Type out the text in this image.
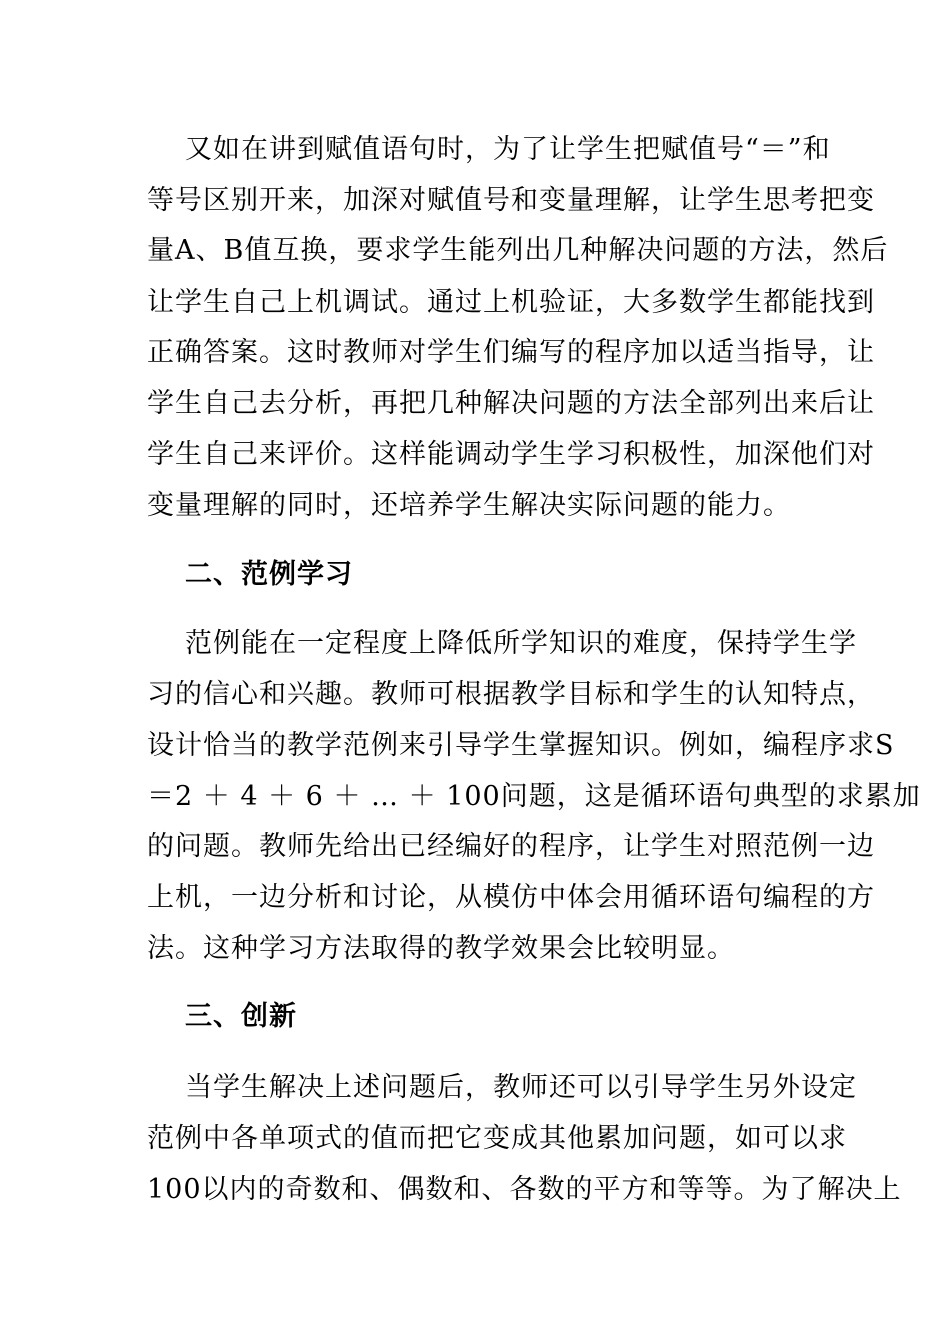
又如在讲到赋值语句时，为了让学生把赋值号“＝”和
等号区别开来，加深对赋值号和变量理解，让学生思考把变
量A、B值互换，要求学生能列出几种解决问题的方法，然后
让学生自己上机调试。通过上机验证，大多数学生都能找到
正确答案。这时教师对学生们编写的程序加以适当指导，让
学生自己去分析，再把几种解决问题的方法全部列出来后让
学生自己来评价。这样能调动学生学习积极性，加深他们对
变量理解的同时，还培养学生解决实际问题的能力。
二、范例学习
范例能在一定程度上降低所学知识的难度，保持学生学
习的信心和兴趣。教师可根据教学目标和学生的认知特点，
设计恰当的教学范例来引导学生掌握知识。例如，编程序求S
＝2 ＋ 4 ＋ 6 ＋ … ＋ 100问题，这是循环语句典型的求累加
的问题。教师先给出已经编好的程序，让学生对照范例一边
上机，一边分析和讨论，从模仿中体会用循环语句编程的方
法。这种学习方法取得的教学效果会比较明显。
三、创新
当学生解决上述问题后，教师还可以引导学生另外设定
范例中各单项式的值而把它变成其他累加问题，如可以求
100以内的奇数和、偶数和、各数的平方和等等。为了解决上
